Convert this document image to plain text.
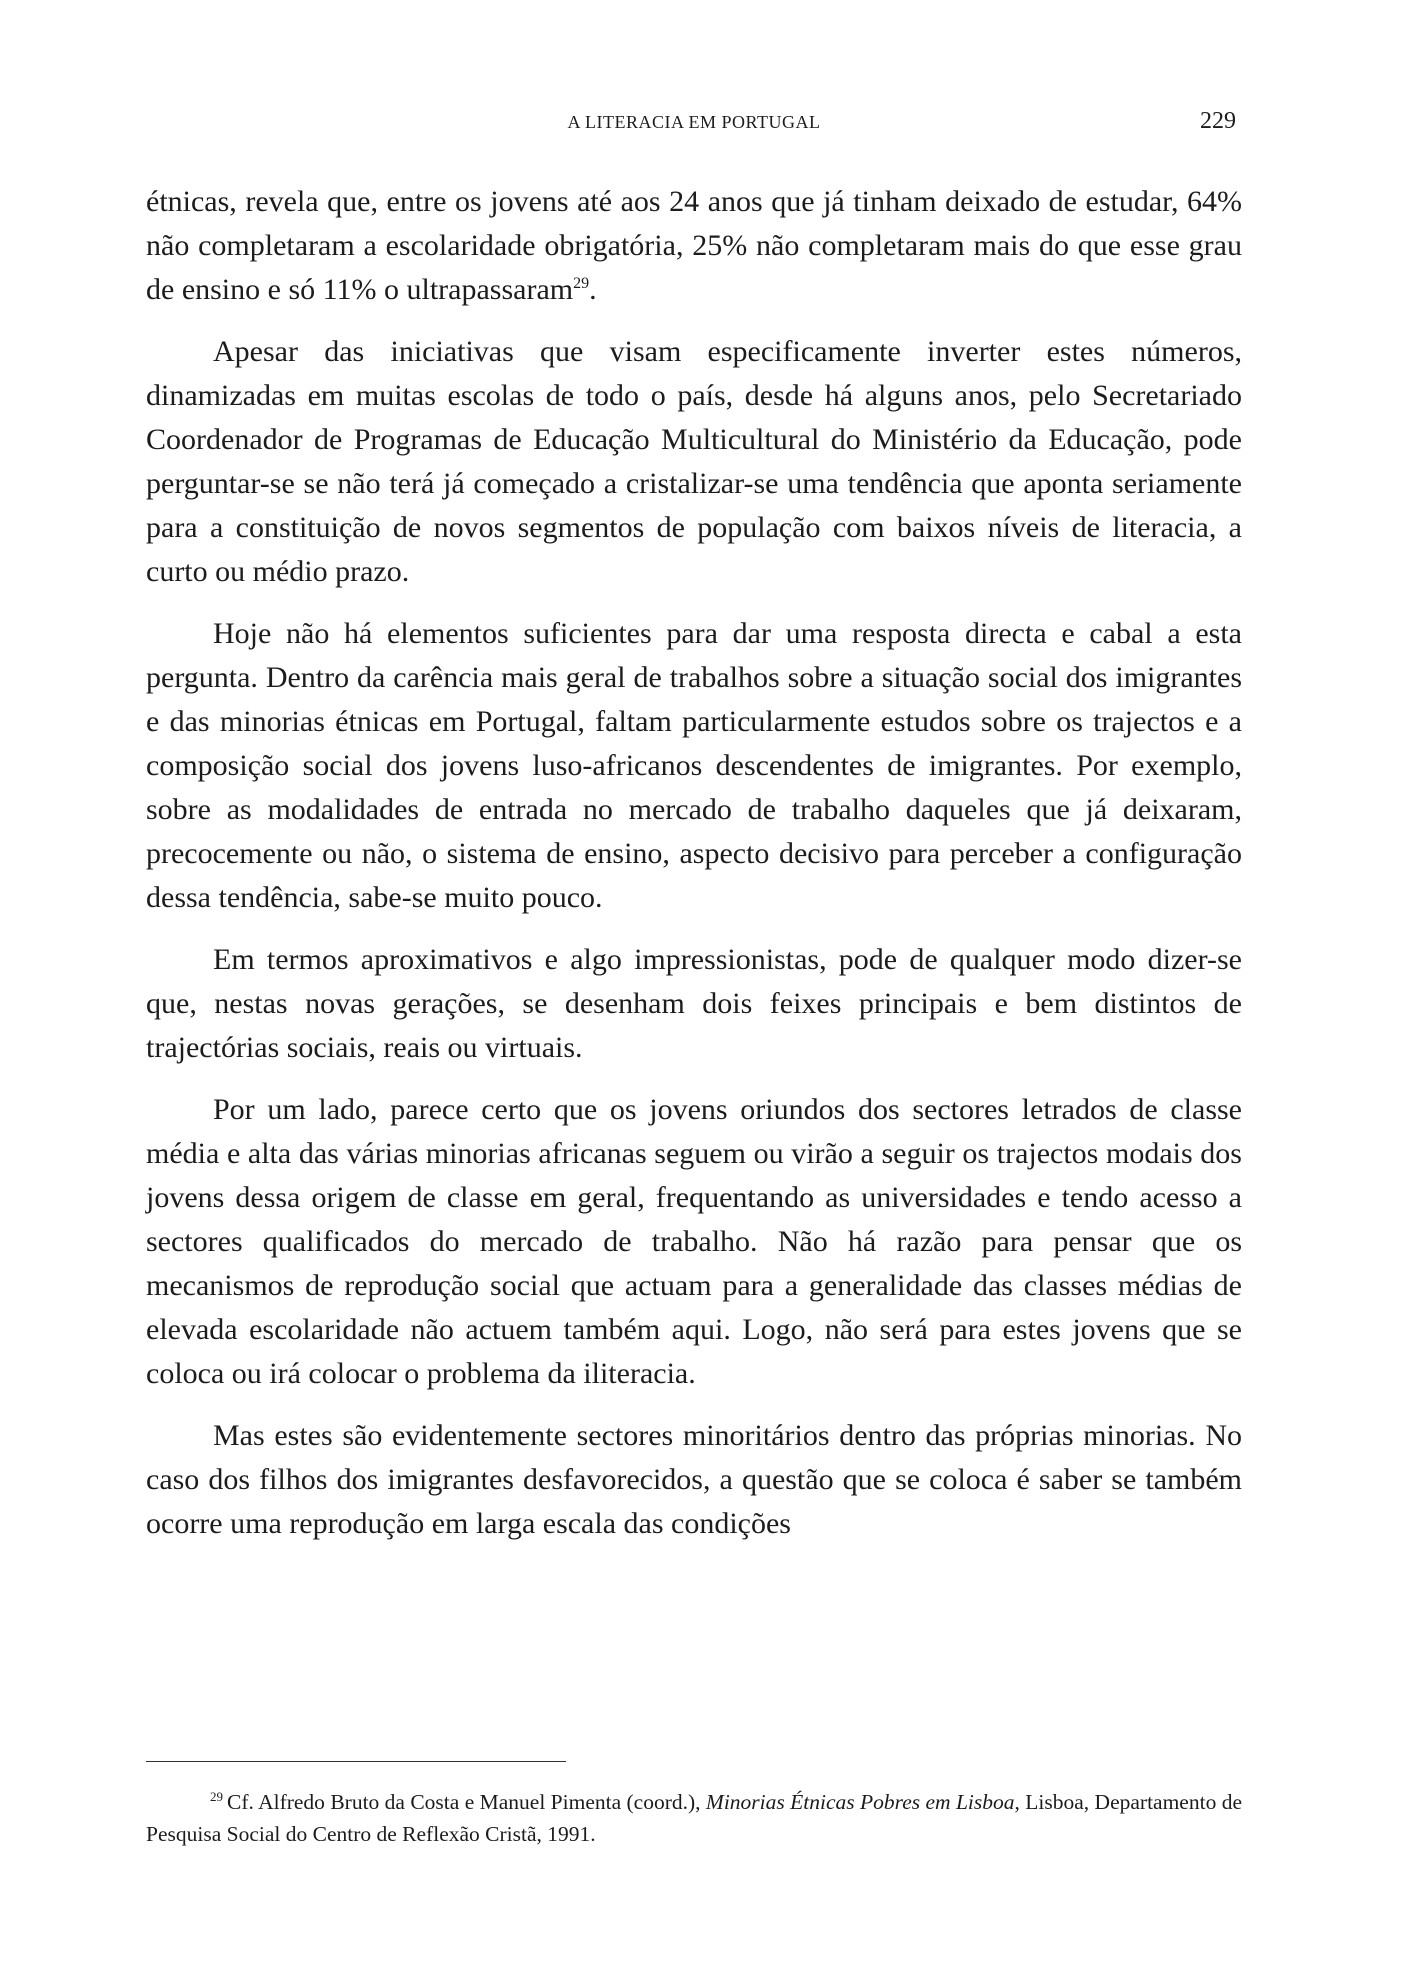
A LITERACIA EM PORTUGAL	229

étnicas, revela que, entre os jovens até aos 24 anos que já tinham deixado de estudar, 64% não completaram a escolaridade obrigatória, 25% não completaram mais do que esse grau de ensino e só 11% o ultrapassaram$^{29}$.

Apesar das iniciativas que visam especificamente inverter estes números, dinamizadas em muitas escolas de todo o país, desde há alguns anos, pelo Secretariado Coordenador de Programas de Educação Multicultural do Ministério da Educação, pode perguntar-se se não terá já começado a cristalizar-se uma tendência que aponta seriamente para a constituição de novos segmentos de população com baixos níveis de literacia, a curto ou médio prazo.

Hoje não há elementos suficientes para dar uma resposta directa e cabal a esta pergunta. Dentro da carência mais geral de trabalhos sobre a situação social dos imigrantes e das minorias étnicas em Portugal, faltam particularmente estudos sobre os trajectos e a composição social dos jovens luso-africanos descendentes de imigrantes. Por exemplo, sobre as modalidades de entrada no mercado de trabalho daqueles que já deixaram, precocemente ou não, o sistema de ensino, aspecto decisivo para perceber a configuração dessa tendência, sabe-se muito pouco.

Em termos aproximativos e algo impressionistas, pode de qualquer modo dizer-se que, nestas novas gerações, se desenham dois feixes principais e bem distintos de trajectórias sociais, reais ou virtuais.

Por um lado, parece certo que os jovens oriundos dos sectores letrados de classe média e alta das várias minorias africanas seguem ou virão a seguir os trajectos modais dos jovens dessa origem de classe em geral, frequentando as universidades e tendo acesso a sectores qualificados do mercado de trabalho. Não há razão para pensar que os mecanismos de reprodução social que actuam para a generalidade das classes médias de elevada escolaridade não actuem também aqui. Logo, não será para estes jovens que se coloca ou irá colocar o problema da iliteracia.

Mas estes são evidentemente sectores minoritários dentro das próprias minorias. No caso dos filhos dos imigrantes desfavorecidos, a questão que se coloca é saber se também ocorre uma reprodução em larga escala das condições

$^{29}$ Cf. Alfredo Bruto da Costa e Manuel Pimenta (coord.), Minorias Étnicas Pobres em Lisboa, Lisboa, Departamento de Pesquisa Social do Centro de Reflexão Cristã, 1991.
